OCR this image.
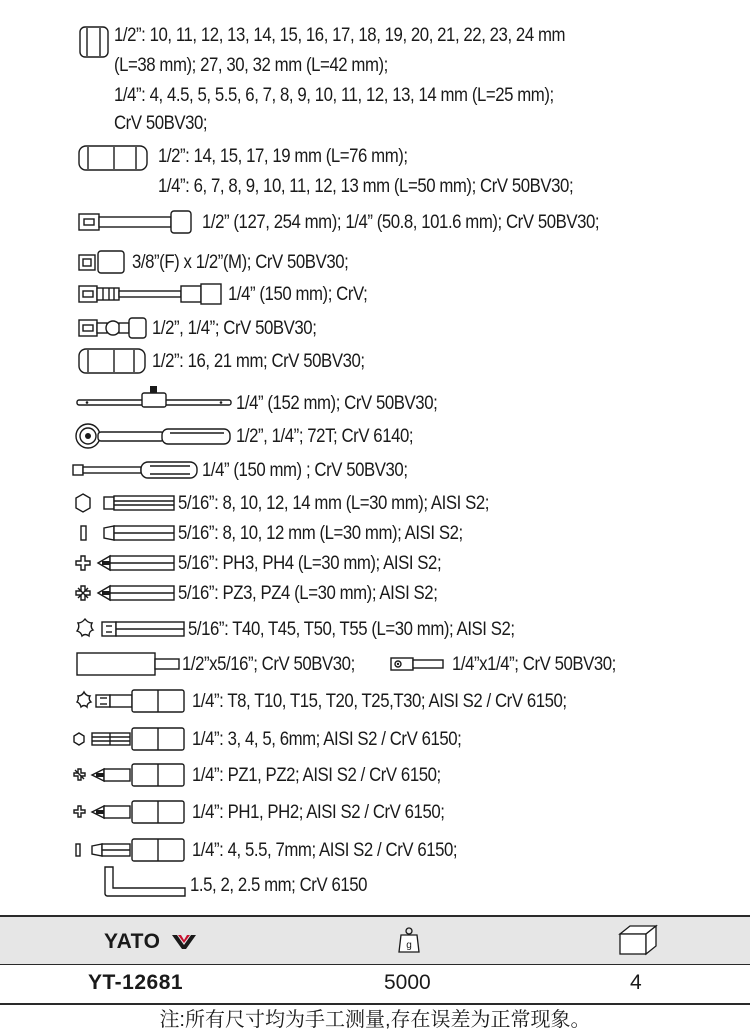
1/2”: 10, 11, 12, 13, 14, 15, 16, 17, 18, 19, 20, 21, 22, 23, 24 mm
(L=38 mm); 27, 30, 32 mm (L=42 mm);
1/4”: 4, 4.5, 5, 5.5, 6, 7, 8, 9, 10, 11, 12, 13, 14 mm (L=25 mm);
CrV 50BV30;
1/2”: 14, 15, 17, 19 mm (L=76 mm);
1/4”: 6, 7, 8, 9, 10, 11, 12, 13 mm (L=50 mm); CrV 50BV30;
1/2” (127, 254 mm); 1/4” (50.8, 101.6 mm); CrV 50BV30;
3/8”(F) x 1/2”(M); CrV 50BV30;
1/4” (150 mm); CrV;
1/2”, 1/4”; CrV 50BV30;
1/2”: 16, 21 mm; CrV 50BV30;
1/4” (152 mm); CrV 50BV30;
1/2”, 1/4”; 72T; CrV 6140;
1/4” (150 mm) ; CrV 50BV30;
5/16”: 8, 10, 12, 14 mm (L=30 mm); AISI S2;
5/16”: 8, 10, 12 mm (L=30 mm); AISI S2;
5/16”: PH3, PH4 (L=30 mm); AISI S2;
5/16”: PZ3, PZ4 (L=30 mm); AISI S2;
5/16”: T40, T45, T50, T55 (L=30 mm); AISI S2;
1/2”x5/16”; CrV 50BV30;	1/4”x1/4”; CrV 50BV30;
1/4”: T8, T10, T15, T20, T25,T30; AISI S2 / CrV 6150;
1/4”: 3, 4, 5, 6mm; AISI S2 / CrV 6150;
1/4”: PZ1, PZ2; AISI S2 / CrV 6150;
1/4”: PH1, PH2; AISI S2 / CrV 6150;
1/4”: 4, 5.5, 7mm; AISI S2 / CrV 6150;
1.5, 2, 2.5 mm; CrV 6150
YATO	g
YT-12681	5000	4
注:所有尺寸均为手工测量,存在误差为正常现象。
